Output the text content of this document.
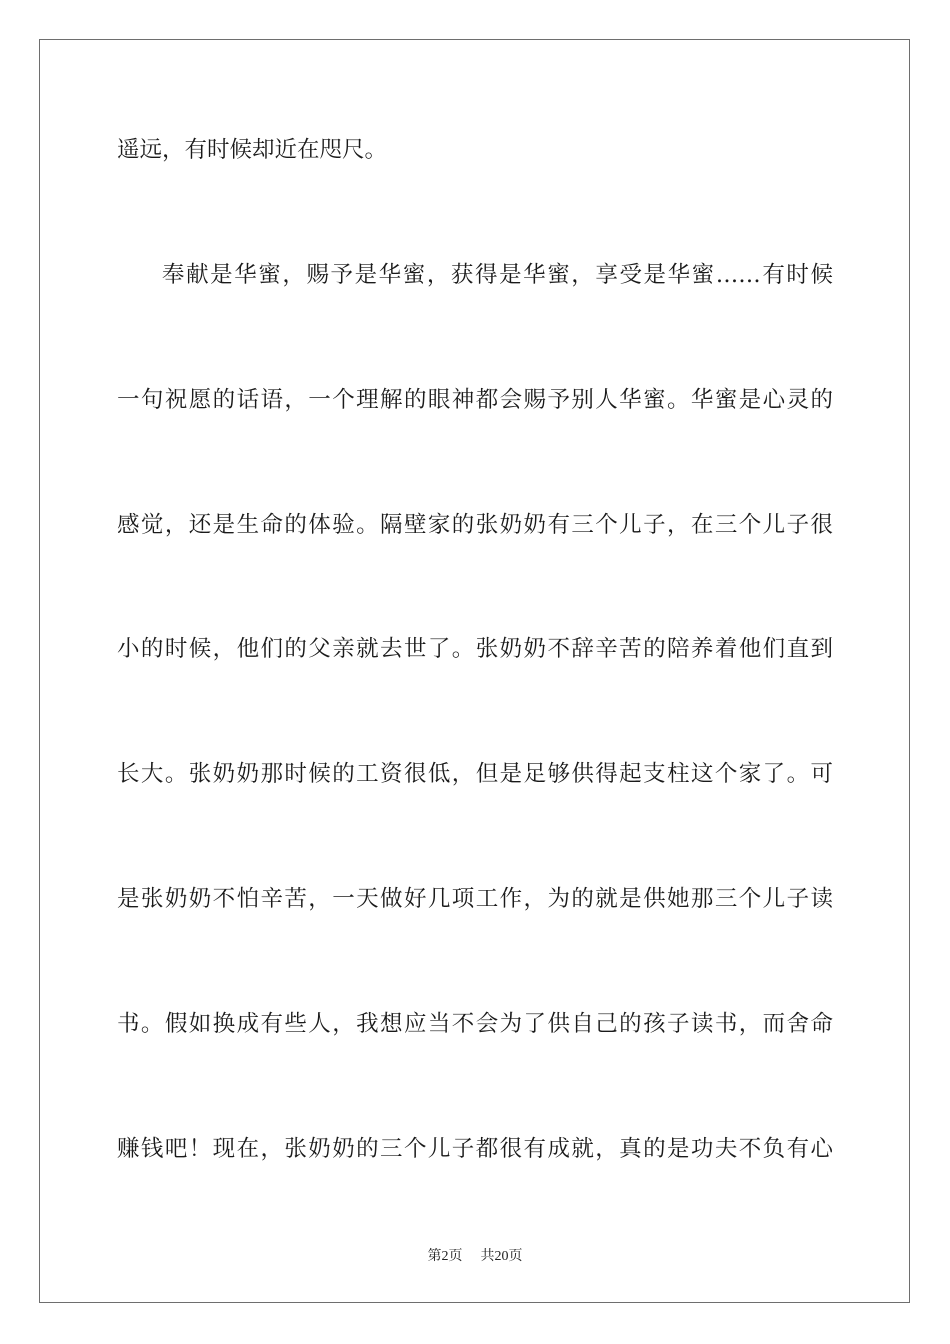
遥远，有时候却近在咫尺。
奉献是华蜜，赐予是华蜜，获得是华蜜，享受是华蜜……有时候
一句祝愿的话语，一个理解的眼神都会赐予别人华蜜。华蜜是心灵的
感觉，还是生命的体验。隔壁家的张奶奶有三个儿子，在三个儿子很
小的时候，他们的父亲就去世了。张奶奶不辞辛苦的陪养着他们直到
长大。张奶奶那时候的工资很低，但是足够供得起支柱这个家了。可
是张奶奶不怕辛苦，一天做好几项工作，为的就是供她那三个儿子读
书。假如换成有些人，我想应当不会为了供自己的孩子读书，而舍命
赚钱吧！现在，张奶奶的三个儿子都很有成就，真的是功夫不负有心
第2页 共20页
